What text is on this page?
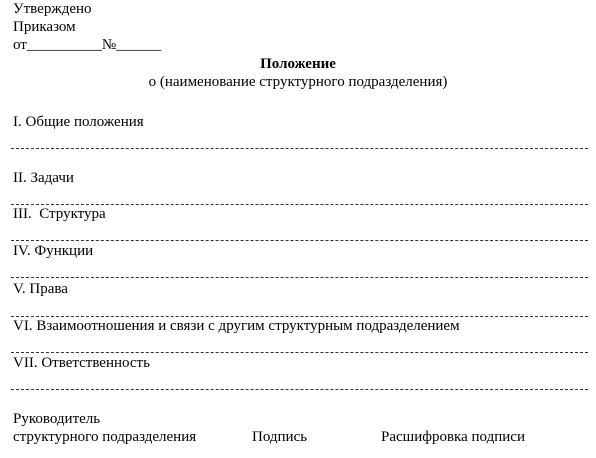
Утверждено
Приказом
от__________№______
Положение
о (наименование структурного подразделения)
I. Общие положения
II. Задачи
III.  Структура
IV. Функции
V. Права
VI. Взаимоотношения и связи с другим структурным подразделением
VII. Ответственность
Руководитель
структурного подразделения	Подпись	Расшифровка подписи
